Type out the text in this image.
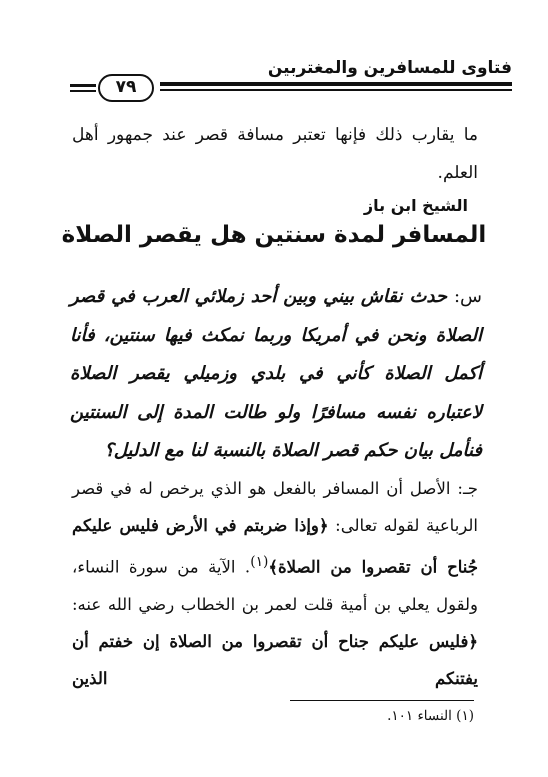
فتاوى للمسافرين والمغتربين
٧٩
ما يقارب ذلك فإنها تعتبر مسافة قصر عند جمهور أهل العلم.
الشيخ ابن باز
المسافر لمدة سنتين هل يقصر الصلاة
س: حدث نقاش بيني وبين أحد زملائي العرب في قصر الصلاة ونحن في أمريكا وربما نمكث فيها سنتين، فأنا أكمل الصلاة كأني في بلدي وزميلي يقصر الصلاة لاعتباره نفسه مسافرًا ولو طالت المدة إلى السنتين فنأمل بيان حكم قصر الصلاة بالنسبة لنا مع الدليل؟
جـ: الأصل أن المسافر بالفعل هو الذي يرخص له في قصر الرباعية لقوله تعالى: ﴿وإذا ضربتم في الأرض فليس عليكم جُناح أن تقصروا من الصلاة﴾$^{(١)}$. الآية من سورة النساء، ولقول يعلي بن أمية قلت لعمر بن الخطاب رضي الله عنه: ﴿فليس عليكم جناح أن تقصروا من الصلاة إن خفتم أن يفتنكم الذين
(١) النساء ١٠١.
